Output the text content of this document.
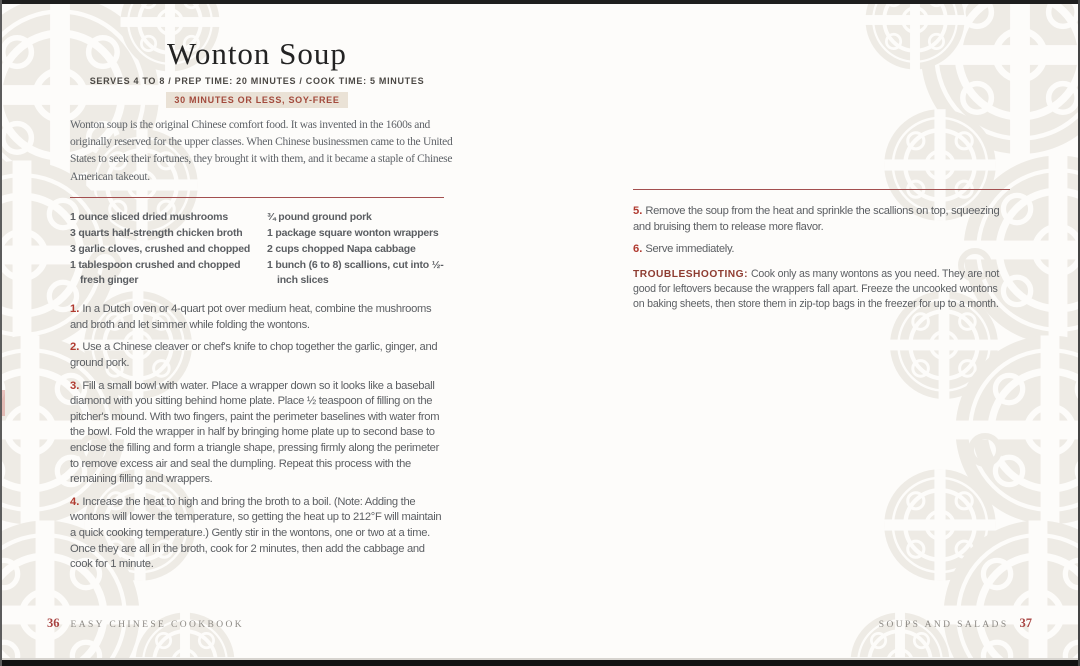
Wonton Soup
SERVES 4 TO 8 / PREP TIME: 20 MINUTES / COOK TIME: 5 MINUTES
30 MINUTES OR LESS, SOY-FREE

Wonton soup is the original Chinese comfort food. It was invented in the 1600s and originally reserved for the upper classes. When Chinese businessmen came to the United States to seek their fortunes, they brought it with them, and it became a staple of Chinese American takeout.

1 ounce sliced dried mushrooms
3 quarts half-strength chicken broth
3 garlic cloves, crushed and chopped
1 tablespoon crushed and chopped fresh ginger
¾ pound ground pork
1 package square wonton wrappers
2 cups chopped Napa cabbage
1 bunch (6 to 8) scallions, cut into ½-inch slices

1. In a Dutch oven or 4-quart pot over medium heat, combine the mushrooms and broth and let simmer while folding the wontons.

2. Use a Chinese cleaver or chef's knife to chop together the garlic, ginger, and ground pork.

3. Fill a small bowl with water. Place a wrapper down so it looks like a baseball diamond with you sitting behind home plate. Place ½ teaspoon of filling on the pitcher's mound. With two fingers, paint the perimeter baselines with water from the bowl. Fold the wrapper in half by bringing home plate up to second base to enclose the filling and form a triangle shape, pressing firmly along the perimeter to remove excess air and seal the dumpling. Repeat this process with the remaining filling and wrappers.

4. Increase the heat to high and bring the broth to a boil. (Note: Adding the wontons will lower the temperature, so getting the heat up to 212°F will maintain a quick cooking temperature.) Gently stir in the wontons, one or two at a time. Once they are all in the broth, cook for 2 minutes, then add the cabbage and cook for 1 minute.

5. Remove the soup from the heat and sprinkle the scallions on top, squeezing and bruising them to release more flavor.

6. Serve immediately.

TROUBLESHOOTING: Cook only as many wontons as you need. They are not good for leftovers because the wrappers fall apart. Freeze the uncooked wontons on baking sheets, then store them in zip-top bags in the freezer for up to a month.

36 EASY CHINESE COOKBOOK	SOUPS AND SALADS 37
